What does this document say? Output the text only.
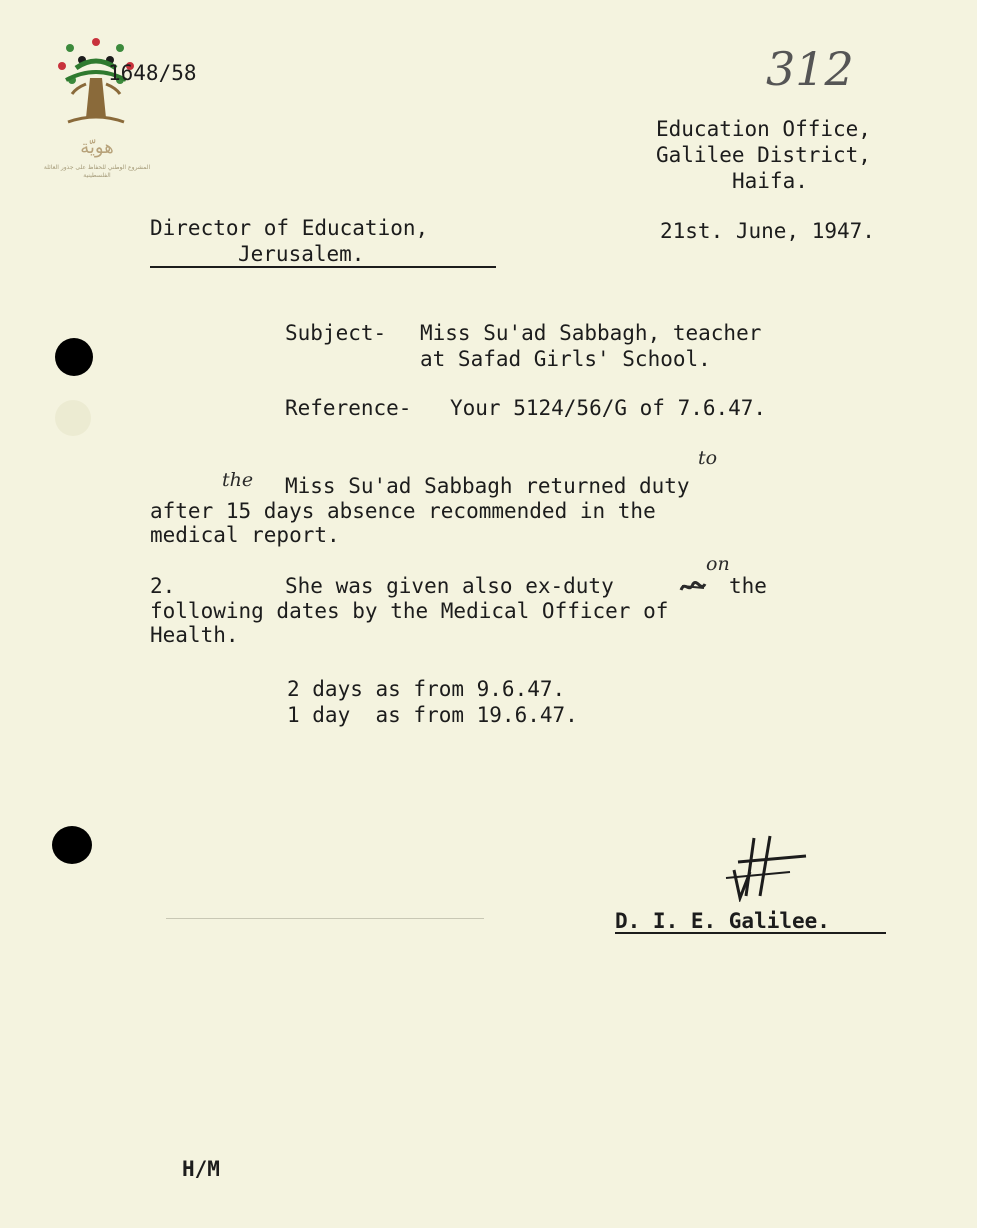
هويّة
المشروع الوطني للحفاظ على جذور العائلة الفلسطينية
1648/58	312
Education Office,
Galilee District,
Haifa.
Director of Education,
Jerusalem.
21st. June, 1947.
Subject- Miss Su'ad Sabbagh, teacher
at Safad Girls' School.
Reference- Your 5124/56/G of 7.6.47.
the
to
on
Miss Su'ad Sabbagh returned duty
after 15 days absence recommended in the
medical report.
2.	She was given also ex-duty	the
following dates by the Medical Officer of
Health.
2 days as from 9.6.47.
1 day  as from 19.6.47.
D. I. E. Galilee.
H/M
